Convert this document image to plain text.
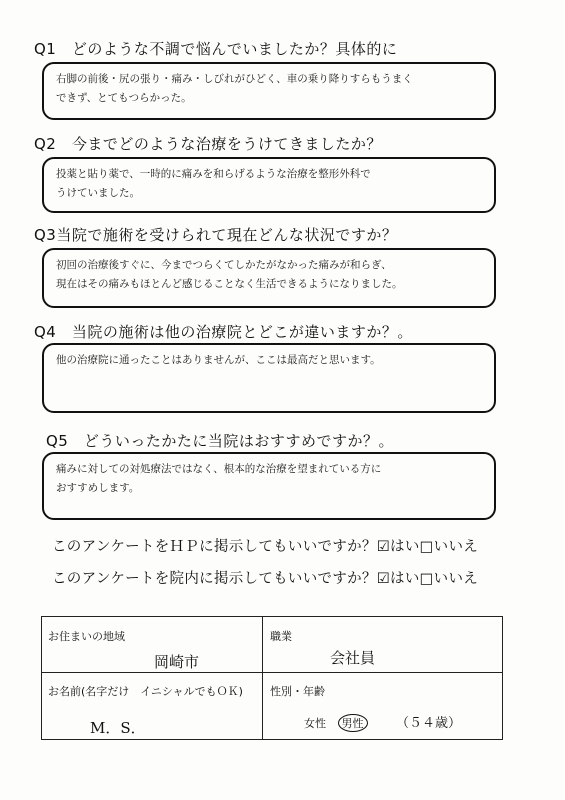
Q1　 どのような不調で悩んでいましたか？具体的に
右脚の前後・尻の張り・痛み・しびれがひどく、車の乗り降りすらもうまく
できず、とてもつらかった。
Q2　 今までどのような治療をうけてきましたか？
投薬と貼り薬で、一時的に痛みを和らげるような治療を整形外科で
うけていました。
Q3当院で施術を受けられて現在どんな状況ですか？
初回の治療後すぐに、今までつらくてしかたがなかった痛みが和らぎ、
現在はその痛みもほとんど感じることなく生活できるようになりました。
Q4　 当院の施術は他の治療院とどこが違いますか？。
他の治療院に通ったことはありませんが、ここは最高だと思います。
Q5　 どういったかたに当院はおすすめですか？。
痛みに対しての対処療法ではなく、根本的な治療を望まれている方に
おすすめします。
このアンケートをＨＰに掲示してもいいですか？☑はい□いいえ
このアンケートを院内に掲示してもいいですか？☑はい□いいえ
お住まいの地域
岡崎市
職業
会社員
お名前(名字だけ　イニシャルでもＯＫ)
M．S．
性別・年齢
女性 男性	（５４歳）
